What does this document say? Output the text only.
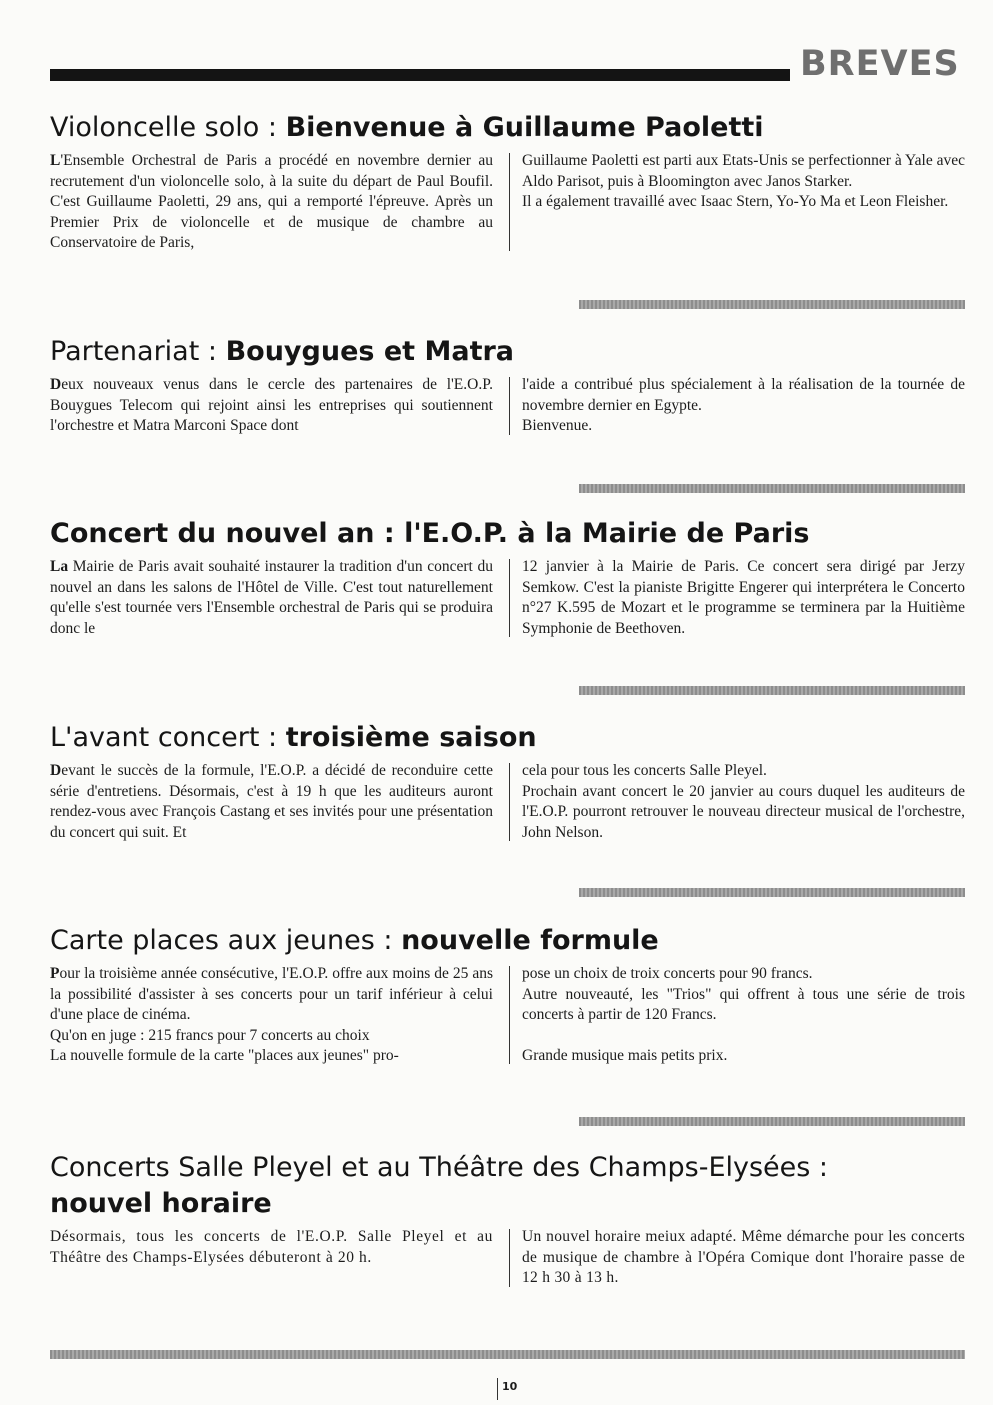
BREVES
Violoncelle solo : Bienvenue à Guillaume Paoletti

L'Ensemble Orchestral de Paris a procédé en novembre dernier au recrutement d'un violoncelle solo, à la suite du départ de Paul Boufil. C'est Guillaume Paoletti, 29 ans, qui a remporté l'épreuve. Après un Premier Prix de violoncelle et de musique de chambre au Conservatoire de Paris,

Guillaume Paoletti est parti aux Etats-Unis se perfectionner à Yale avec Aldo Parisot, puis à Bloomington avec Janos Starker.

Il a également travaillé avec Isaac Stern, Yo-Yo Ma et Leon Fleisher.

Partenariat : Bouygues et Matra

Deux nouveaux venus dans le cercle des partenaires de l'E.O.P. Bouygues Telecom qui rejoint ainsi les entreprises qui soutiennent l'orchestre et Matra Marconi Space dont

l'aide a contribué plus spécialement à la réalisation de la tournée de novembre dernier en Egypte.

Bienvenue.

Concert du nouvel an : l'E.O.P. à la Mairie de Paris

La Mairie de Paris avait souhaité instaurer la tradition d'un concert du nouvel an dans les salons de l'Hôtel de Ville. C'est tout naturellement qu'elle s'est tournée vers l'Ensemble orchestral de Paris qui se produira donc le

12 janvier à la Mairie de Paris. Ce concert sera dirigé par Jerzy Semkow. C'est la pianiste Brigitte Engerer qui interprétera le Concerto n°27 K.595 de Mozart et le programme se terminera par la Huitième Symphonie de Beethoven.

L'avant concert : troisième saison

Devant le succès de la formule, l'E.O.P. a décidé de reconduire cette série d'entretiens. Désormais, c'est à 19 h que les auditeurs auront rendez-vous avec François Castang et ses invités pour une présentation du concert qui suit. Et

cela pour tous les concerts Salle Pleyel.

Prochain avant concert le 20 janvier au cours duquel les auditeurs de l'E.O.P. pourront retrouver le nouveau directeur musical de l'orchestre, John Nelson.

Carte places aux jeunes : nouvelle formule

Pour la troisième année consécutive, l'E.O.P. offre aux moins de 25 ans la possibilité d'assister à ses concerts pour un tarif inférieur à celui d'une place de cinéma.

Qu'on en juge : 215 francs pour 7 concerts au choix

La nouvelle formule de la carte "places aux jeunes" pro-

pose un choix de troix concerts pour 90 francs.

Autre nouveauté, les "Trios" qui offrent à tous une série de trois concerts à partir de 120 Francs.

Grande musique mais petits prix.

Concerts Salle Pleyel et au Théâtre des Champs-Elysées :
nouvel horaire

Désormais, tous les concerts de l'E.O.P. Salle Pleyel et au Théâtre des Champs-Elysées débuteront à 20 h.

Un nouvel horaire meiux adapté. Même démarche pour les concerts de musique de chambre à l'Opéra Comique dont l'horaire passe de 12 h 30 à 13 h.

10
